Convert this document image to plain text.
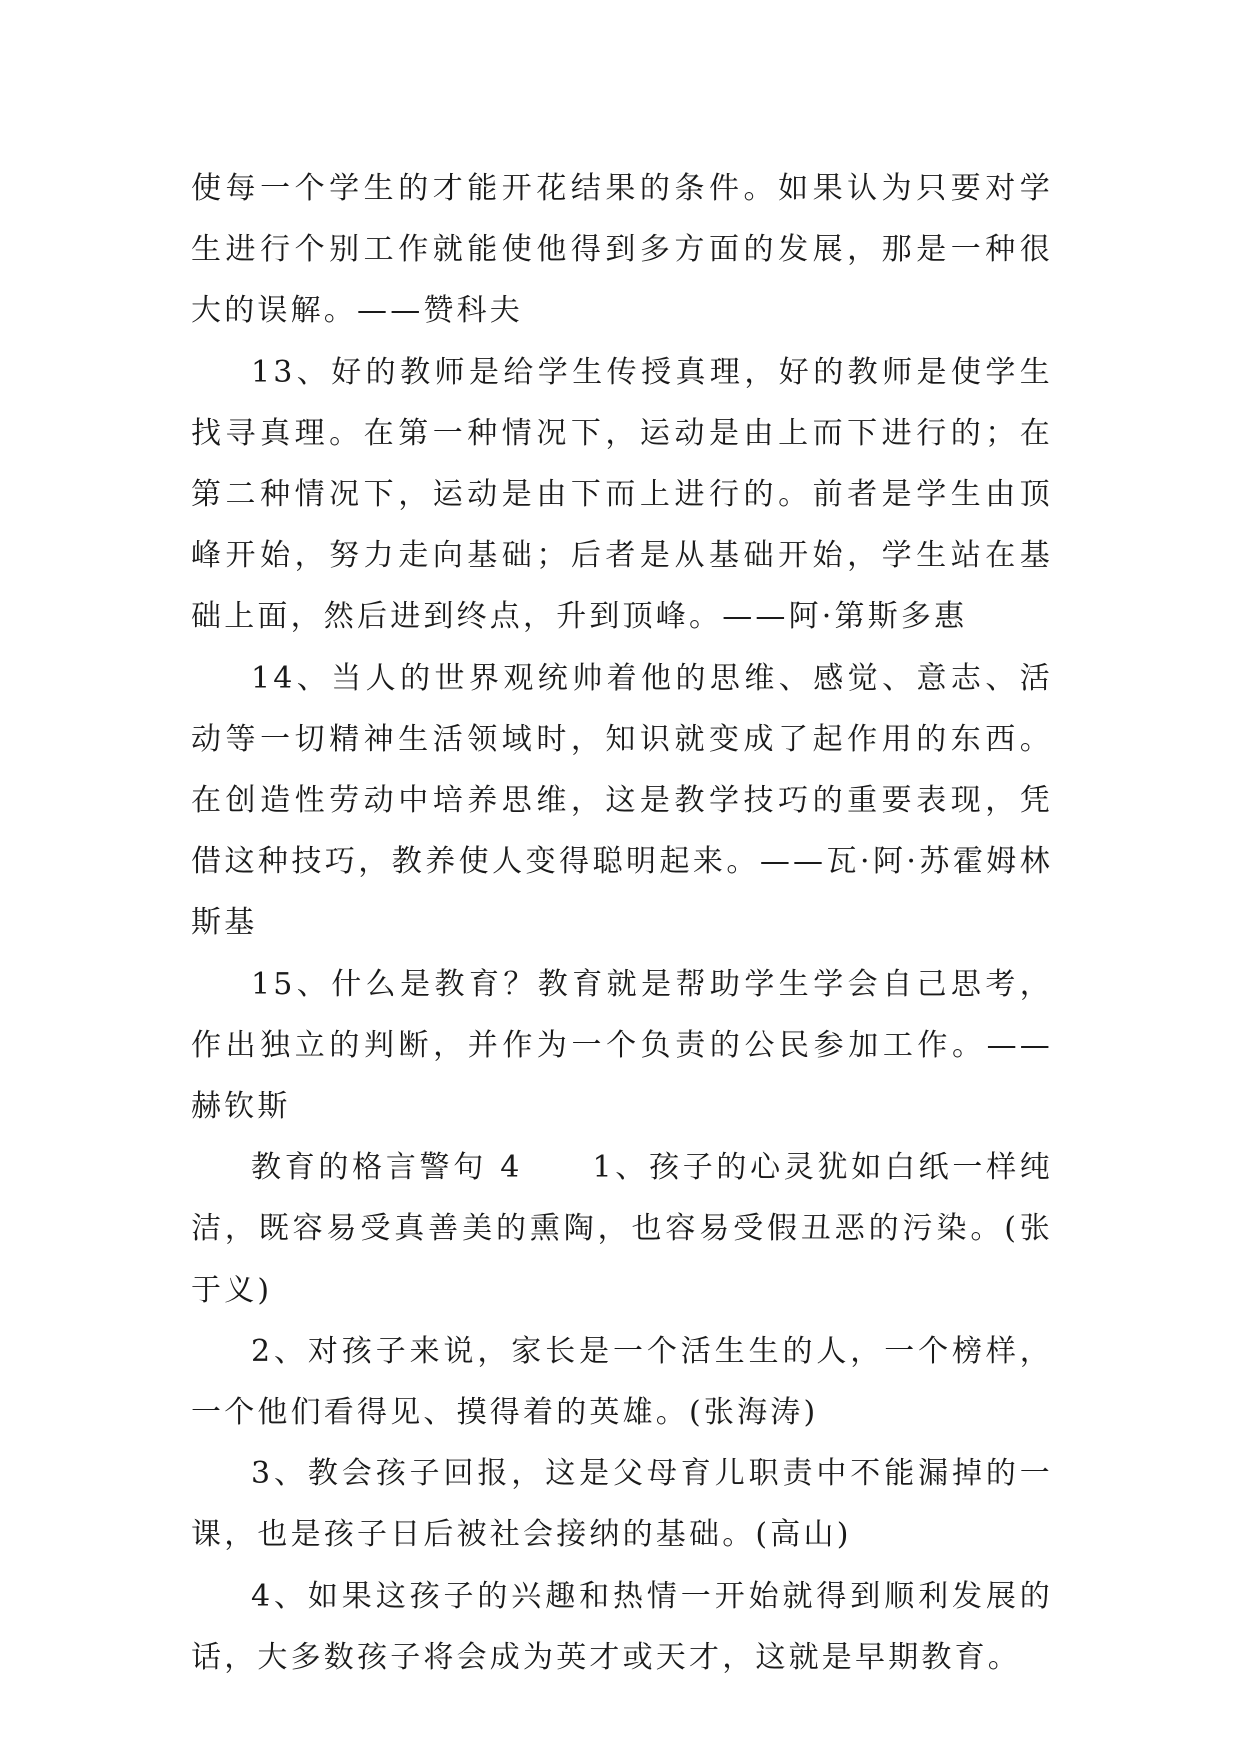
使每一个学生的才能开花结果的条件。如果认为只要对学生进行个别工作就能使他得到多方面的发展，那是一种很大的误解。——赞科夫

13、好的教师是给学生传授真理，好的教师是使学生找寻真理。在第一种情况下，运动是由上而下进行的；在第二种情况下，运动是由下而上进行的。前者是学生由顶峰开始，努力走向基础；后者是从基础开始，学生站在基础上面，然后进到终点，升到顶峰。——阿·第斯多惠

14、当人的世界观统帅着他的思维、感觉、意志、活动等一切精神生活领域时，知识就变成了起作用的东西。在创造性劳动中培养思维，这是教学技巧的重要表现，凭借这种技巧，教养使人变得聪明起来。——瓦·阿·苏霍姆林斯基

15、什么是教育？教育就是帮助学生学会自己思考，作出独立的判断，并作为一个负责的公民参加工作。——赫钦斯

教育的格言警句 4 1、孩子的心灵犹如白纸一样纯洁，既容易受真善美的熏陶，也容易受假丑恶的污染。(张于义)

2、对孩子来说，家长是一个活生生的人，一个榜样，一个他们看得见、摸得着的英雄。(张海涛)

3、教会孩子回报，这是父母育儿职责中不能漏掉的一课，也是孩子日后被社会接纳的基础。(高山)

4、如果这孩子的兴趣和热情一开始就得到顺利发展的话，大多数孩子将会成为英才或天才，这就是早期教育。
